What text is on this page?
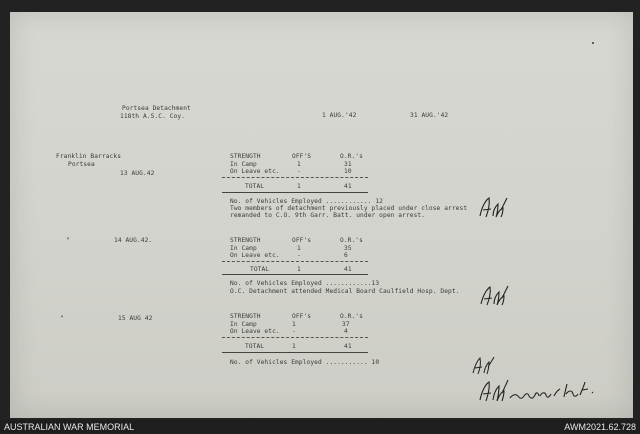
Portsea Detachment
118th A.S.C. Coy.	1 AUG.'42	31 AUG.'42
Franklin Barracks
Portsea
13 AUG.42
STRENGTH	OFF'S	O.R.'s
In Camp	1	31
On Leave etc.	-	10
TOTAL	1	41
No. of Vehicles Employed ............ 12
Two members of detachment previously placed under close arrest
remanded to C.O. 9th Garr. Batt. under open arrest.
"	14 AUG.42.	STRENGTH	OFF's	O.R.'s
In Camp	1	35
On Leave etc.	-	6
TOTAL	1	41
No. of Vehicles Employed ............13
O.C. Detachment attended Medical Board Caulfield Hosp. Dept.
"	15 AUG 42	STRENGTH	OFF's	O.R.'s
In Camp	1	37
On Leave etc. -	4
TOTAL	1	41
No. of Vehicles Employed ........... 10
AUSTRALIAN WAR MEMORIAL	AWM2021.62.728
